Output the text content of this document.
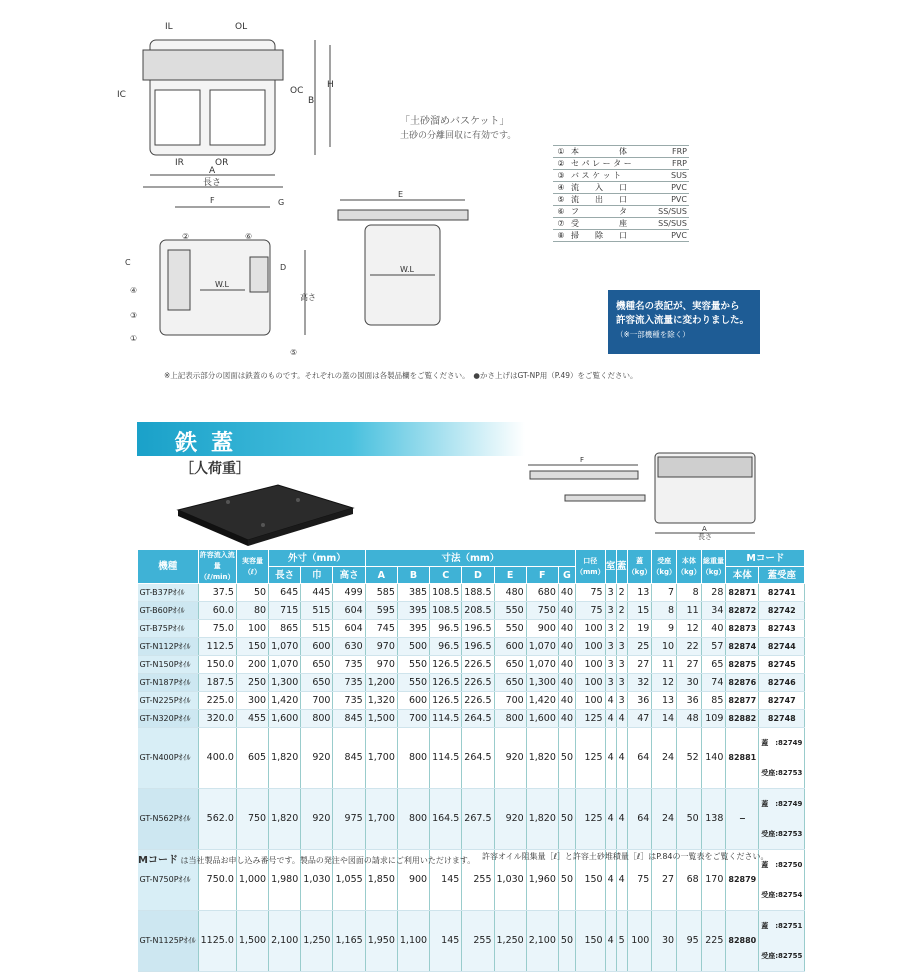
IL	OL
IC	OC
IR	OR
A
長さ
B
H
F	G
C
D
W.L
高さ
②	⑥
④
③
①
⑤
E
W.L
「土砂溜めバスケット」
土砂の分離回収に有効です。
①	本　　　　　体	FRP
②	セ パ レ ー タ ー	FRP
③	バ ス ケ ッ ト	SUS
④	流　　入　　口	PVC
⑤	流　　出　　口	PVC
⑥	フ　　　　　タ	SS/SUS
⑦	受　　　　　座	SS/SUS
⑧	掃　　除　　口	PVC
機種名の表記が、実容量から
許容流入流量に変わりました。
（※一部機種を除く）
※上記表示部分の図面は鉄蓋のものです。それぞれの蓋の図面は各製品欄をご覧ください。　●かさ上げはGT-NP用（P.49）をご覧ください。
鉄蓋
［人荷重］
F
A
長さ
機種	許容流入流量（ℓ/min）	実容量（ℓ）	外寸（mm）			寸法（mm）							口径（mm）	室	蓋	蓋（kg）	受座（kg）	本体（kg）	総重量（kg）	Mコード	
			長さ	巾	高さ	A	B	C	D	E	F	G								本体	蓋受座
GT-B37Pｵｲﾙ	37.5	50	645	445	499	585	385	108.5	188.5	480	680	40	75	3	2	13	7	8	28	82871	82741
GT-B60Pｵｲﾙ	60.0	80	715	515	604	595	395	108.5	208.5	550	750	40	75	3	2	15	8	11	34	82872	82742
GT-B75Pｵｲﾙ	75.0	100	865	515	604	745	395	96.5	196.5	550	900	40	100	3	2	19	9	12	40	82873	82743
GT-N112Pｵｲﾙ	112.5	150	1,070	600	630	970	500	96.5	196.5	600	1,070	40	100	3	3	25	10	22	57	82874	82744
GT-N150Pｵｲﾙ	150.0	200	1,070	650	735	970	550	126.5	226.5	650	1,070	40	100	3	3	27	11	27	65	82875	82745
GT-N187Pｵｲﾙ	187.5	250	1,300	650	735	1,200	550	126.5	226.5	650	1,300	40	100	3	3	32	12	30	74	82876	82746
GT-N225Pｵｲﾙ	225.0	300	1,420	700	735	1,320	600	126.5	226.5	700	1,420	40	100	4	3	36	13	36	85	82877	82747
GT-N320Pｵｲﾙ	320.0	455	1,600	800	845	1,500	700	114.5	264.5	800	1,600	40	125	4	4	47	14	48	109	82882	82748
GT-N400Pｵｲﾙ	400.0	605	1,820	920	845	1,700	800	114.5	264.5	920	1,820	50	125	4	4	64	24	52	140	82881	蓋　:82749
受座:82753

GT-N562Pｵｲﾙ	562.0	750	1,820	920	975	1,700	800	164.5	267.5	920	1,820	50	125	4	4	64	24	50	138	−	蓋　:82749
受座:82753

GT-N750Pｵｲﾙ	750.0	1,000	1,980	1,030	1,055	1,850	900	145	255	1,030	1,960	50	150	4	4	75	27	68	170	82879	蓋　:82750
受座:82754

GT-N1125Pｵｲﾙ	1125.0	1,500	2,100	1,250	1,165	1,950	1,100	145	255	1,250	2,100	50	150	4	5	100	30	95	225	82880	蓋　:82751
受座:82755
Mコード は当社製品お申し込み番号です。製品の発注や図面の請求にご利用いただけます。 許容オイル阻集量［ℓ］と許容土砂堆積量［ℓ］はP.84の一覧表をご覧ください。
